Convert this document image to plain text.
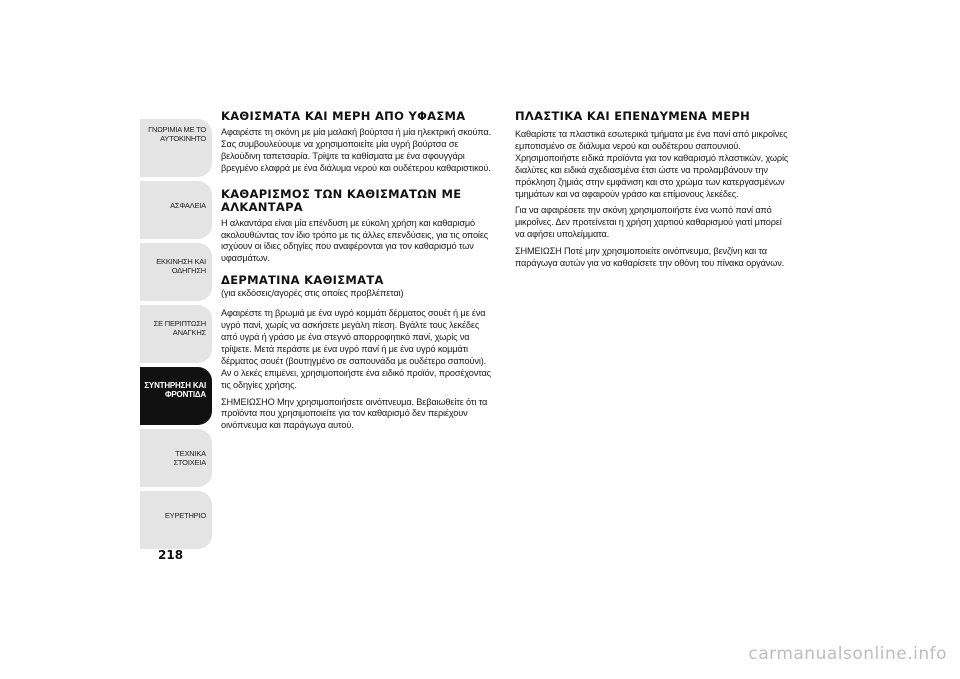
ΓΝΩΡΙΜΙΑ ΜΕ ΤΟ
ΑΥΤΟΚΙΝΗΤΟ
ΑΣΦΑΛΕΙΑ
ΕΚΚΙΝΗΣΗ ΚΑΙ
ΟΔΗΓΗΣΗ
ΣΕ ΠΕΡΙΠΤΩΣΗ
ΑΝΑΓΚΗΣ
ΣΥΝΤΗΡΗΣΗ ΚΑΙ
ΦΡΟΝΤΙΔΑ
ΤΕΧΝΙΚΑ ΣΤΟΙΧΕΙΑ
ΕΥΡΕΤΗΡΙΟ
218
ΚΑΘΙΣΜΑΤΑ ΚΑΙ ΜΕΡΗ ΑΠΟ ΥΦΑΣΜΑ

Αφαιρέστε τη σκόνη με μία μαλακή βούρτσα ή μία ηλεκτρική σκούπα. Σας συμβουλεύουμε να χρησιμοποιείτε μία υγρή βούρτσα σε βελούδινη ταπετσαρία. Τρίψτε τα καθίσματα με ένα σφουγγάρι βρεγμένο ελαφρά με ένα διάλυμα νερού και ουδέτερου καθαριστικού.

ΚΑΘΑΡΙΣΜΟΣ ΤΩΝ ΚΑΘΙΣΜΑΤΩΝ ΜΕ ΑΛΚΑΝΤΑΡΑ

Η αλκαντάρα είναι μία επένδυση με εύκολη χρήση και καθαρισμό ακολουθώντας τον ίδιο τρόπο με τις άλλες επενδύσεις, για τις οποίες ισχύουν οι ίδιες οδηγίες που αναφέρονται για τον καθαρισμό των υφασμάτων.

ΔΕΡΜΑΤΙΝΑ ΚΑΘΙΣΜΑΤΑ

(για εκδόσεις/αγορές στις οποίες προβλέπεται)

Αφαιρέστε τη βρωμιά με ένα υγρό κομμάτι δέρματος σουέτ ή με ένα υγρό πανί, χωρίς να ασκήσετε μεγάλη πίεση. Βγάλτε τους λεκέδες από υγρά ή γράσο με ένα στεγνό απορροφητικό πανί, χωρίς να τρίψετε. Μετά περάστε με ένα υγρό πανί ή με ένα υγρό κομμάτι δέρματος σουέτ (βουτηγμένο σε σαπουνάδα με ουδέτερο σαπούνι). Αν ο λεκές επιμένει, χρησιμοποιήστε ένα ειδικό προϊόν, προσέχοντας τις οδηγίες χρήσης.

ΣΗΜΕΙΩΣΗΟ Μην χρησιμοποιήσετε οινόπνευμα. Βεβαιωθείτε ότι τα προϊόντα που χρησιμοποιείτε για τον καθαρισμό δεν περιέχουν οινόπνευμα και παράγωγα αυτού.

ΠΛΑΣΤΙΚΑ ΚΑΙ ΕΠΕΝΔΥΜΕΝΑ ΜΕΡΗ

Καθαρίστε τα πλαστικά εσωτερικά τμήματα με ένα πανί από μικροΐνες εμποτισμένο σε διάλυμα νερού και ουδέτερου σαπουνιού. Χρησιμοποιήστε ειδικά προϊόντα για τον καθαρισμό πλαστικών, χωρίς διαλύτες και ειδικά σχεδιασμένα έτσι ώστε να προλαμβάνουν την πρόκληση ζημιάς στην εμφάνιση και στο χρώμα των κατεργασμένων τμημάτων και να αφαιρούν γράσο και επίμονους λεκέδες.

Για να αφαιρέσετε την σκόνη χρησιμοποιήστε ένα νωπό πανί από μικροΐνες. Δεν προτείνεται η χρήση χαρτιού καθαρισμού γιατί μπορεί να αφήσει υπολείμματα.

ΣΗΜΕΙΩΣΗ Ποτέ μην χρησιμοποιείτε οινόπνευμα, βενζίνη και τα παράγωγα αυτών για να καθαρίσετε την οθόνη του πίνακα οργάνων.

carmanualsonline.info
